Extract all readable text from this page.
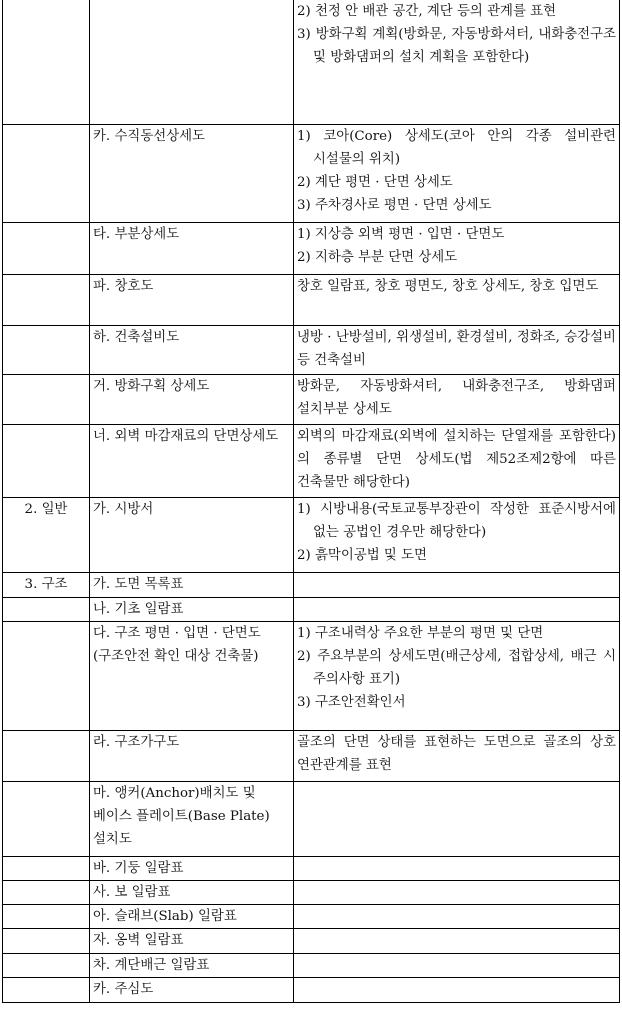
		2) 천정 안 배관 공간, 계단 등의 관계를 표현
3) 방화구획 계획(방화문, 자동방화셔터, 내화충전구조 및 방화댐퍼의 설치 계획을 포함한다)

	카. 수직동선상세도	1) 코아(Core) 상세도(코아 안의 각종 설비관련 시설물의 위치)
2) 계단 평면 · 단면 상세도
3) 주차경사로 평면 · 단면 상세도

	타. 부분상세도	1) 지상층 외벽 평면 · 입면 · 단면도
2) 지하층 부분 단면 상세도

	파. 창호도	창호 일람표, 창호 평면도, 창호 상세도, 창호 입면도

	하. 건축설비도	냉방 · 난방설비, 위생설비, 환경설비, 정화조, 승강설비 등 건축설비

	거. 방화구획 상세도	방화문, 자동방화셔터, 내화충전구조, 방화댐퍼 설치부분 상세도

	너. 외벽 마감재료의 단면상세도	외벽의 마감재료(외벽에 설치하는 단열재를 포함한다)의 종류별 단면 상세도(법 제52조제2항에 따른 건축물만 해당한다)

2. 일반	가. 시방서	1) 시방내용(국토교통부장관이 작성한 표준시방서에 없는 공법인 경우만 해당한다)
2) 흙막이공법 및 도면

3. 구조	가. 도면 목록표	
	나. 기초 일람표	
	다. 구조 평면 · 입면 · 단면도(구조안전 확인 대상 건축물)	1) 구조내력상 주요한 부분의 평면 및 단면
2) 주요부분의 상세도면(배근상세, 접합상세, 배근 시 주의사항 표기)
3) 구조안전확인서

	라. 구조가구도	골조의 단면 상태를 표현하는 도면으로 골조의 상호 연관관계를 표현

	마. 앵커(Anchor)배치도 및 베이스 플레이트(Base Plate) 설치도	
	바. 기둥 일람표	
	사. 보 일람표	
	아. 슬래브(Slab) 일람표	
	자. 옹벽 일람표	
	차. 계단배근 일람표	
	카. 주심도	
